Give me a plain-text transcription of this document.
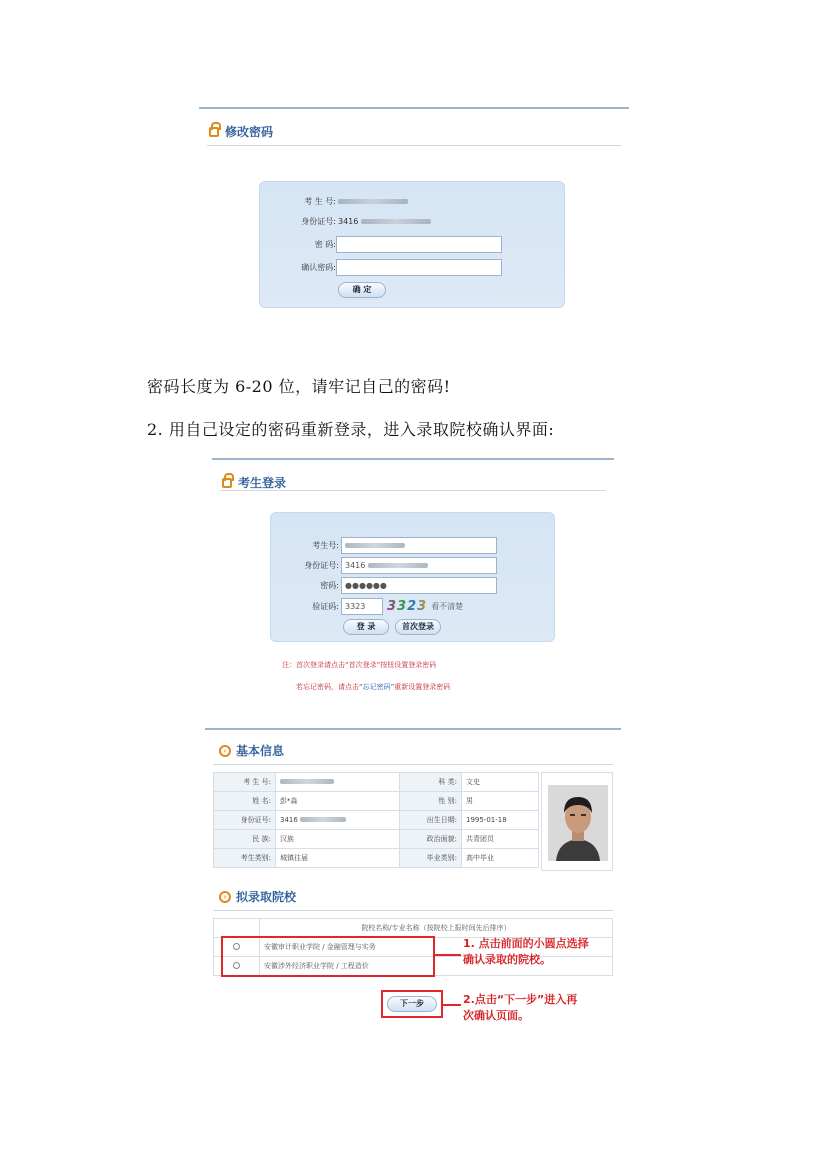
修改密码
考 生 号:
身份证号: 3416
密 码:
确认密码:
确 定
密码长度为 6-20 位，请牢记自己的密码!
2. 用自己设定的密码重新登录，进入录取院校确认界面:
考生登录
考生号:
身份证号: 3416
密码: ●●●●●●
验证码: 3323	3323 看不清楚
登 录	首次登录
注：首次登录请点击“首次登录”按钮设置登录密码
若忘记密码，请点击“忘记密码”重新设置登录密码
› 基本信息
考 生 号:		科 类:	文史
姓 名:	彭*淼	性 别:	男
身份证号:	3416	出生日期:	1995-01-18
民 族:	汉族	政治面貌:	共青团员
考生类别:	城镇往届	毕业类别:	高中毕业
› 拟录取院校
	院校名称/专业名称（按院校上报时间先后排序）
	安徽审计职业学院 / 金融管理与实务
	安徽涉外经济职业学院 / 工程造价
1. 点击前面的小圆点选择
确认录取的院校。
下一步	2.点击“下一步”进入再
次确认页面。
